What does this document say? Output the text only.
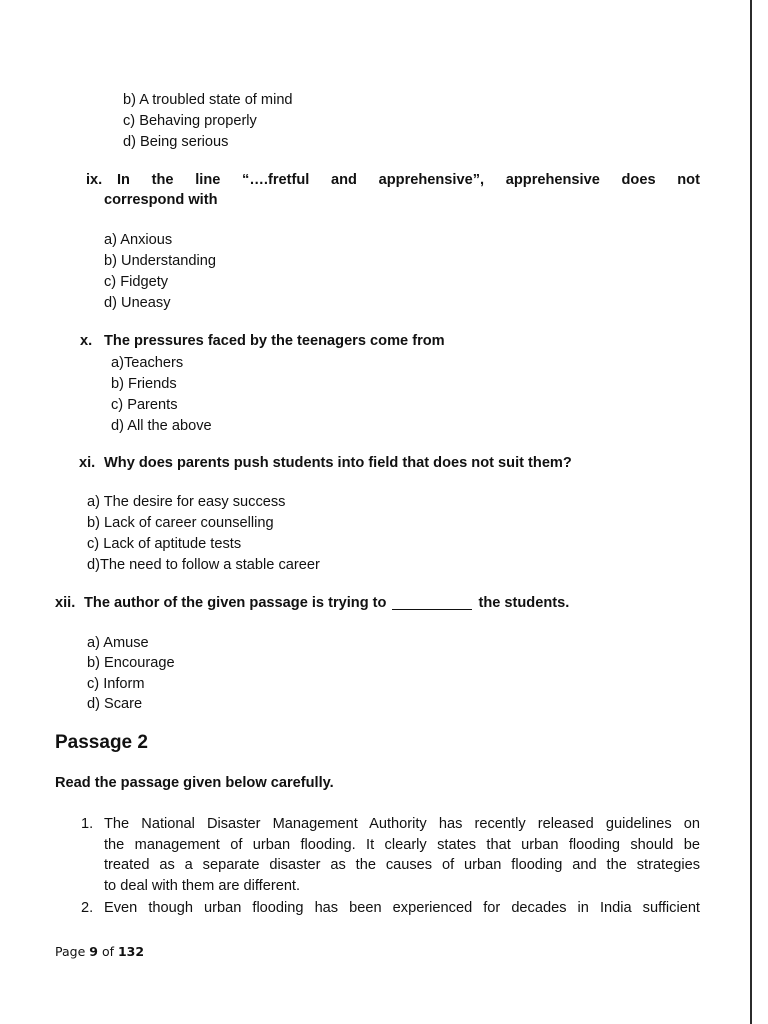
b) A troubled state of mind
c) Behaving properly
d) Being serious
ix. In the line “….fretful and apprehensive”, apprehensive does not
correspond with
a) Anxious
b) Understanding
c) Fidgety
d) Uneasy
x. The pressures faced by the teenagers come from
a)Teachers
b) Friends
c) Parents
d) All the above
xi. Why does parents push students into field that does not suit them?
a) The desire for easy success
b) Lack of career counselling
c) Lack of aptitude tests
d)The need to follow a stable career
xii. The author of the given passage is trying to	the students.
a) Amuse
b) Encourage
c) Inform
d) Scare
Passage 2
Read the passage given below carefully.
1. The National Disaster Management Authority has recently released guidelines on
the management of urban flooding. It clearly states that urban flooding should be
treated as a separate disaster as the causes of urban flooding and the strategies
to deal with them are different.
2. Even though urban flooding has been experienced for decades in India sufficient
Page 9 of 132
